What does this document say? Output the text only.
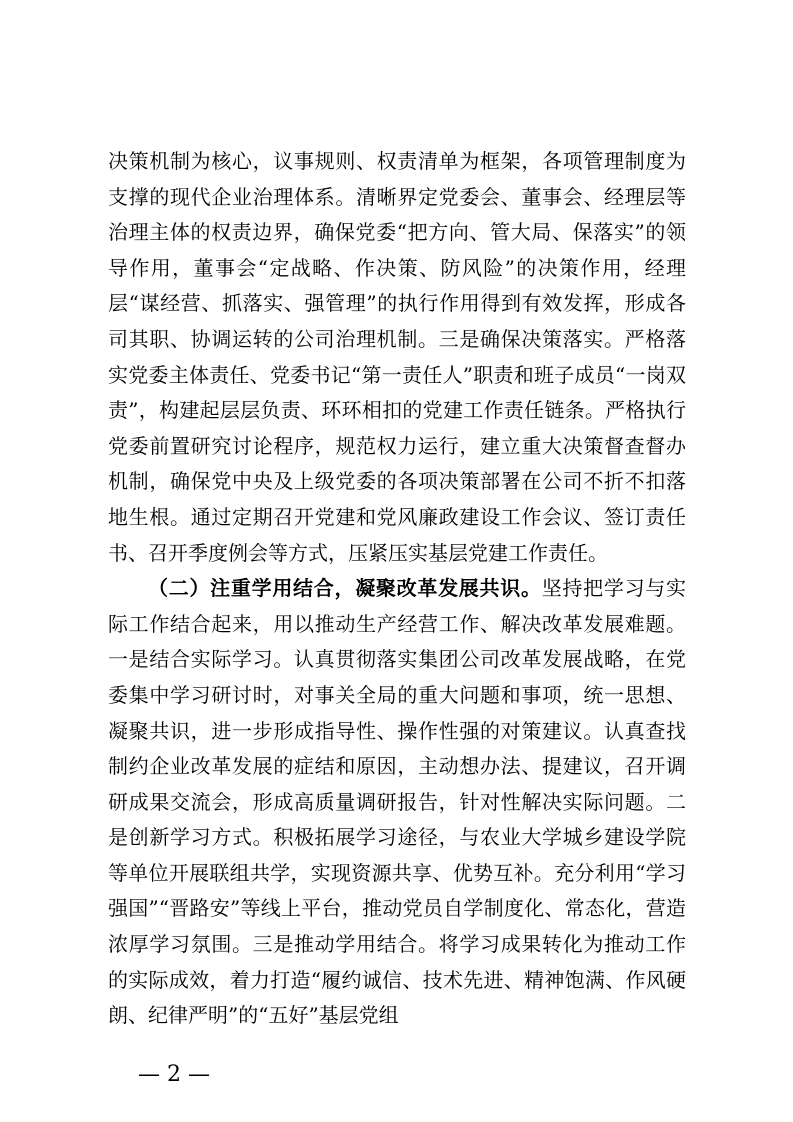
决策机制为核心，议事规则、权责清单为框架，各项管理制度为支撑的现代企业治理体系。清晰界定党委会、董事会、经理层等治理主体的权责边界，确保党委“把方向、管大局、保落实”的领导作用，董事会“定战略、作决策、防风险”的决策作用，经理层“谋经营、抓落实、强管理”的执行作用得到有效发挥，形成各司其职、协调运转的公司治理机制。三是确保决策落实。严格落实党委主体责任、党委书记“第一责任人”职责和班子成员“一岗双责”，构建起层层负责、环环相扣的党建工作责任链条。严格执行党委前置研究讨论程序，规范权力运行，建立重大决策督查督办机制，确保党中央及上级党委的各项决策部署在公司不折不扣落地生根。通过定期召开党建和党风廉政建设工作会议、签订责任书、召开季度例会等方式，压紧压实基层党建工作责任。

（二）注重学用结合，凝聚改革发展共识。坚持把学习与实际工作结合起来，用以推动生产经营工作、解决改革发展难题。一是结合实际学习。认真贯彻落实集团公司改革发展战略，在党委集中学习研讨时，对事关全局的重大问题和事项，统一思想、凝聚共识，进一步形成指导性、操作性强的对策建议。认真查找制约企业改革发展的症结和原因，主动想办法、提建议，召开调研成果交流会，形成高质量调研报告，针对性解决实际问题。二是创新学习方式。积极拓展学习途径，与农业大学城乡建设学院等单位开展联组共学，实现资源共享、优势互补。充分利用“学习强国”“晋路安”等线上平台，推动党员自学制度化、常态化，营造浓厚学习氛围。三是推动学用结合。将学习成果转化为推动工作的实际成效，着力打造“履约诚信、技术先进、精神饱满、作风硬朗、纪律严明”的“五好”基层党组

— 2 —
